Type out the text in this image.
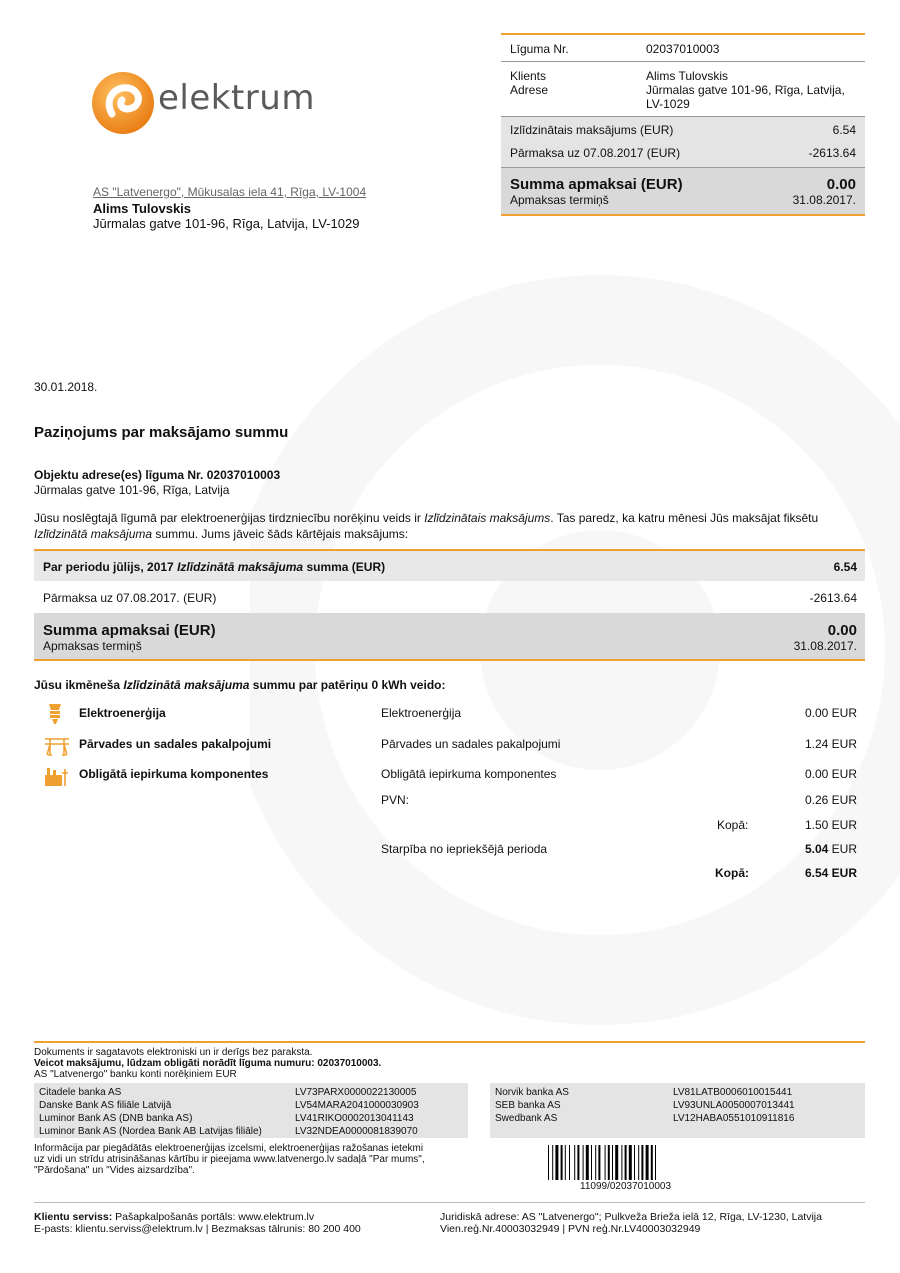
elektrum
Līguma Nr.	02037010003
Klients	Alims Tulovskis
Adrese	Jūrmalas gatve 101-96, Rīga, Latvija,
LV-1029
Izlīdzinātais maksājums (EUR)	6.54
Pārmaksa uz 07.08.2017 (EUR)	-2613.64
Summa apmaksai (EUR)	0.00
Apmaksas termiņš	31.08.2017.
AS "Latvenergo", Mūkusalas iela 41, Rīga, LV-1004
Alims Tulovskis
Jūrmalas gatve 101-96, Rīga, Latvija, LV-1029
30.01.2018.
Paziņojums par maksājamo summu
Objektu adrese(es) līguma Nr. 02037010003
Jūrmalas gatve 101-96, Rīga, Latvija
Jūsu noslēgtajā līgumā par elektroenerģijas tirdzniecību norēķinu veids ir Izlīdzinātais maksājums. Tas paredz, ka katru mēnesi Jūs maksājat fiksētu
Izlīdzinātā maksājuma summu. Jums jāveic šāds kārtējais maksājums:
Par periodu jūlijs, 2017 Izlīdzinātā maksājuma summa (EUR)	6.54
Pārmaksa uz 07.08.2017. (EUR)	-2613.64
Summa apmaksai (EUR)	0.00
Apmaksas termiņš	31.08.2017.
Jūsu ikmēneša Izlīdzinātā maksājuma summu par patēriņu 0 kWh veido:
Elektroenerģija
Pārvades un sadales pakalpojumi
Obligātā iepirkuma komponentes
Elektroenerģija	0.00 EUR
Pārvades un sadales pakalpojumi	1.24 EUR
Obligātā iepirkuma komponentes	0.00 EUR
PVN:	0.26 EUR
Kopā:	1.50 EUR
Starpība no iepriekšējā perioda	5.04 EUR
Kopā:	6.54 EUR
Dokuments ir sagatavots elektroniski un ir derīgs bez paraksta.
Veicot maksājumu, lūdzam obligāti norādīt līguma numuru: 02037010003.
AS "Latvenergo" banku konti norēķiniem EUR
Citadele banka AS	LV73PARX0000022130005
Danske Bank AS filiāle Latvijā	LV54MARA2041000030903
Luminor Bank AS (DNB banka AS)	LV41RIKO0002013041143
Luminor Bank AS (Nordea Bank AB Latvijas filiāle)	LV32NDEA0000081839070
Norvik banka AS	LV81LATB0006010015441
SEB banka AS	LV93UNLA0050007013441
Swedbank AS	LV12HABA0551010911816
Informācija par piegādātās elektroenerģijas izcelsmi, elektroenerģijas ražošanas ietekmi
uz vidi un strīdu atrisināšanas kārtību ir pieejama www.latvenergo.lv sadaļā "Par mums",
"Pārdošana" un "Vides aizsardzība".
11099/02037010003
Klientu serviss: Pašapkalpošanās portāls: www.elektrum.lv
E-pasts: klientu.serviss@elektrum.lv | Bezmaksas tālrunis: 80 200 400
Juridiskā adrese: AS "Latvenergo"; Pulkveža Brieža ielā 12, Rīga, LV-1230, Latvija
Vien.reģ.Nr.40003032949 | PVN reģ.Nr.LV40003032949
